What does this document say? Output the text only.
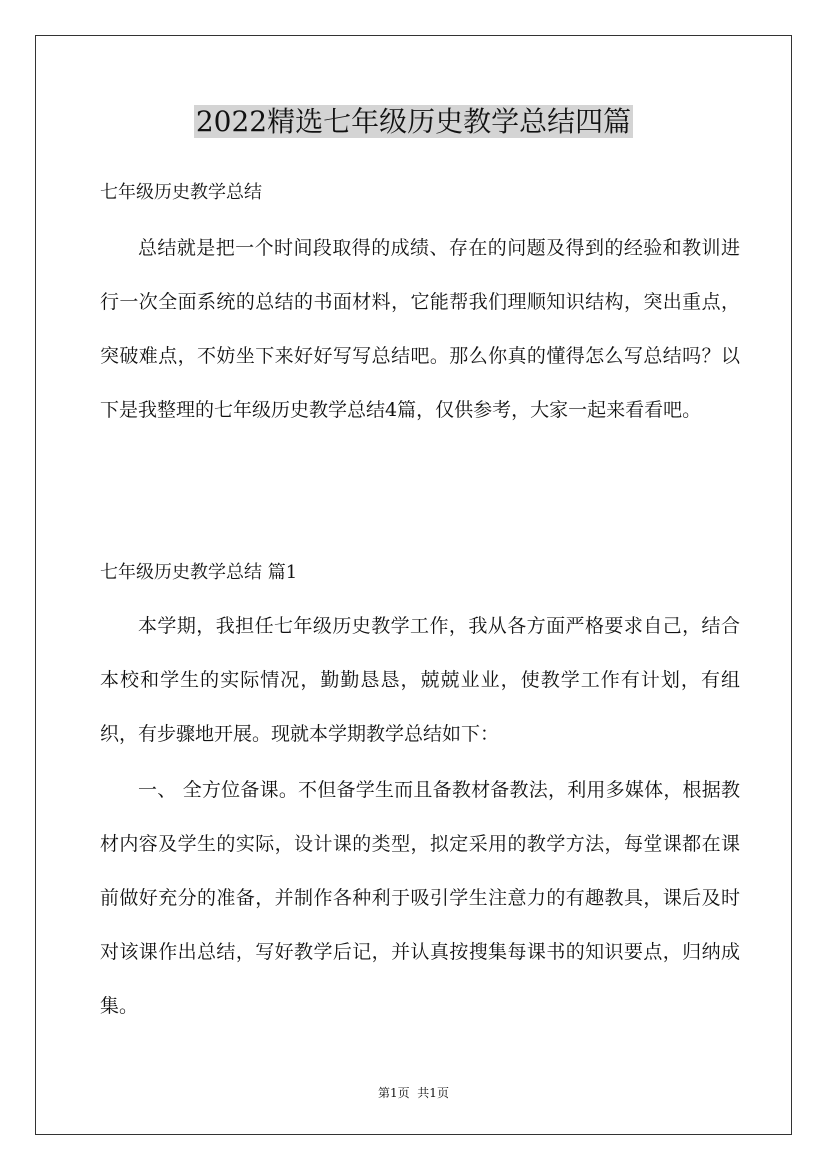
2022精选七年级历史教学总结四篇
七年级历史教学总结
总结就是把一个时间段取得的成绩、存在的问题及得到的经验和教训进行一次全面系统的总结的书面材料，它能帮我们理顺知识结构，突出重点，突破难点，不妨坐下来好好写写总结吧。那么你真的懂得怎么写总结吗？以下是我整理的七年级历史教学总结4篇，仅供参考，大家一起来看看吧。
七年级历史教学总结 篇1
本学期，我担任七年级历史教学工作，我从各方面严格要求自己，结合本校和学生的实际情况，勤勤恳恳，兢兢业业，使教学工作有计划，有组织，有步骤地开展。现就本学期教学总结如下：
一、 全方位备课。不但备学生而且备教材备教法，利用多媒体，根据教材内容及学生的实际，设计课的类型，拟定采用的教学方法，每堂课都在课前做好充分的准备，并制作各种利于吸引学生注意力的有趣教具，课后及时对该课作出总结，写好教学后记，并认真按搜集每课书的知识要点，归纳成集。
第1页  共1页
